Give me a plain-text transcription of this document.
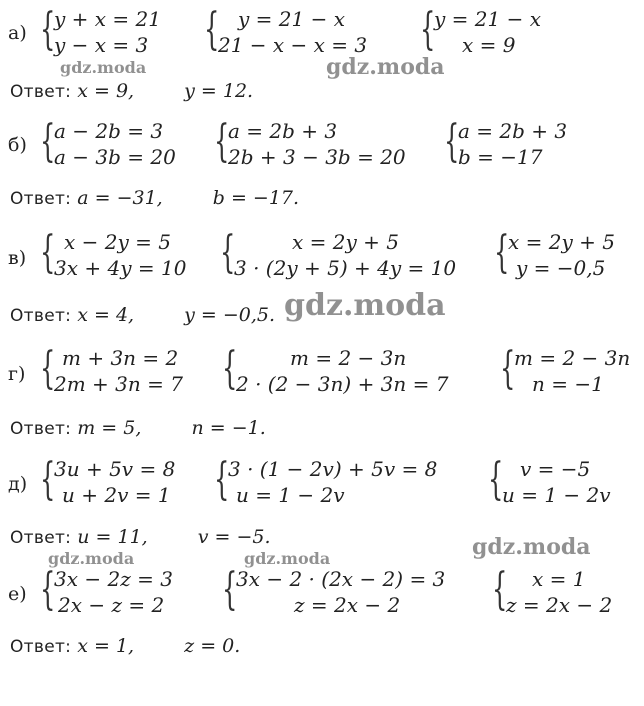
а) {
y + x = 21
y − x = 3 { y = 21 − x
21 − x − x = 3 {
y = 21 − x
x = 9
Ответ: x = 9,	y = 12.
б) {
a − 2b = 3
a − 3b = 20 {
a = 2b + 3
2b + 3 − 3b = 20 {
a = 2b + 3
b = −17
Ответ: a = −31,	b = −17.
в) { x − 2y = 5
3x + 4y = 10 {	x = 2y + 5
3 · (2y + 5) + 4y = 10 {
x = 2y + 5
y = −0,5
Ответ: x = 4,	y = −0,5.
г) { m + 3n = 2
2m + 3n = 7 {	m = 2 − 3n
2 · (2 − 3n) + 3n = 7 {
m = 2 − 3n
n = −1
Ответ: m = 5,	n = −1.
д) {
3u + 5v = 8
u + 2v = 1 {
3 · (1 − 2v) + 5v = 8
u = 1 − 2v	{ v = −5
u = 1 − 2v
Ответ: u = 11,	v = −5.
е) {
3x − 2z = 3
2x − z = 2 {
3x − 2 · (2x − 2) = 3
z = 2x − 2	{	x = 1
z = 2x − 2
Ответ: x = 1,	z = 0.
gdz.moda	gdz.moda
gdz.moda
gdz.moda
gdz.moda	gdz.moda
